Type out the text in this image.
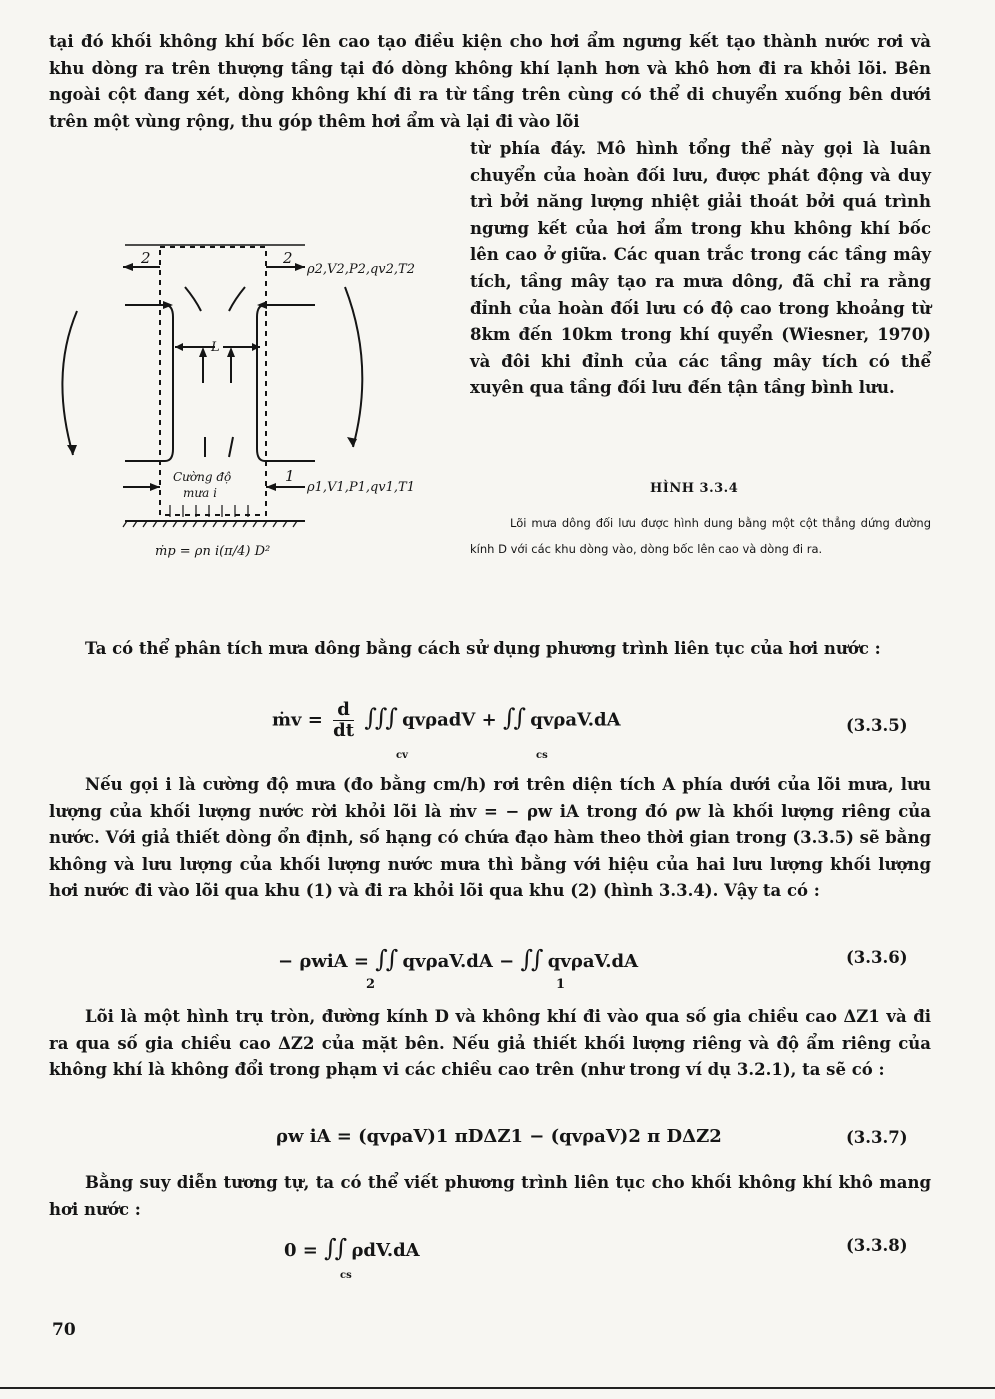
tại đó khối không khí bốc lên cao tạo điều kiện cho hơi ẩm ngưng kết tạo thành nước rơi và khu dòng ra trên thượng tầng tại đó dòng không khí lạnh hơn và khô hơn đi ra khỏi lõi. Bên ngoài cột đang xét, dòng không khí đi ra từ tầng trên cùng có thể di chuyển xuống bên dưới trên một vùng rộng, thu góp thêm hơi ẩm và lại đi vào lõi

từ phía đáy. Mô hình tổng thể này gọi là luân chuyển của hoàn đối lưu, được phát động và duy trì bởi năng lượng nhiệt giải thoát bởi quá trình ngưng kết của hơi ẩm trong khu không khí bốc lên cao ở giữa. Các quan trắc trong các tầng mây tích, tầng mây tạo ra mưa dông, đã chỉ ra rằng đỉnh của hoàn đối lưu có độ cao trong khoảng từ 8km đến 10km trong khí quyển (Wiesner, 1970) và đôi khi đỉnh của các tầng mây tích có thể xuyên qua tầng đối lưu đến tận tầng bình lưu.

2	2
ρ2,V2,P2,qv2,T2
L
Cường độ
mưa i
1
ρ1,V1,P1,qv1,T1
ṁp = ρn i(π/4) D²
HÌNH 3.3.4
Lõi mưa dông đối lưu được hình dung bằng một cột thẳng dứng đường kính D với các khu dòng vào, dòng bốc lên cao và dòng đi ra.

Ta có thể phân tích mưa dông bằng cách sử dụng phương trình liên tục của hơi nước :

ṁv = $\frac{d}{dt}$ ∫∫∫ qvρadV + ∫∫ qvρaV.dA
cv	cs
(3.3.5)

Nếu gọi i là cường độ mưa (đo bằng cm/h) rơi trên diện tích A phía dưới của lõi mưa, lưu lượng của khối lượng nước rời khỏi lõi là ṁv = − ρw iA trong đó ρw là khối lượng riêng của nước. Với giả thiết dòng ổn định, số hạng có chứa đạo hàm theo thời gian trong (3.3.5) sẽ bằng không và lưu lượng của khối lượng nước mưa thì bằng với hiệu của hai lưu lượng khối lượng hơi nước đi vào lõi qua khu (1) và đi ra khỏi lõi qua khu (2) (hình 3.3.4). Vậy ta có :

− ρwiA = ∫∫ qvρaV.dA − ∫∫ qvρaV.dA
2	1
(3.3.6)

Lõi là một hình trụ tròn, đường kính D và không khí đi vào qua số gia chiều cao ΔZ1 và đi ra qua số gia chiều cao ΔZ2 của mặt bên. Nếu giả thiết khối lượng riêng và độ ẩm riêng của không khí là không đổi trong phạm vi các chiều cao trên (như trong ví dụ 3.2.1), ta sẽ có :

ρw iA = (qvρaV)1 πDΔZ1 − (qvρaV)2 π DΔZ2	(3.3.7)

Bằng suy diễn tương tự, ta có thể viết phương trình liên tục cho khối không khí khô mang hơi nước :

0 = ∫∫ ρdV.dA
cs
(3.3.8)
70
